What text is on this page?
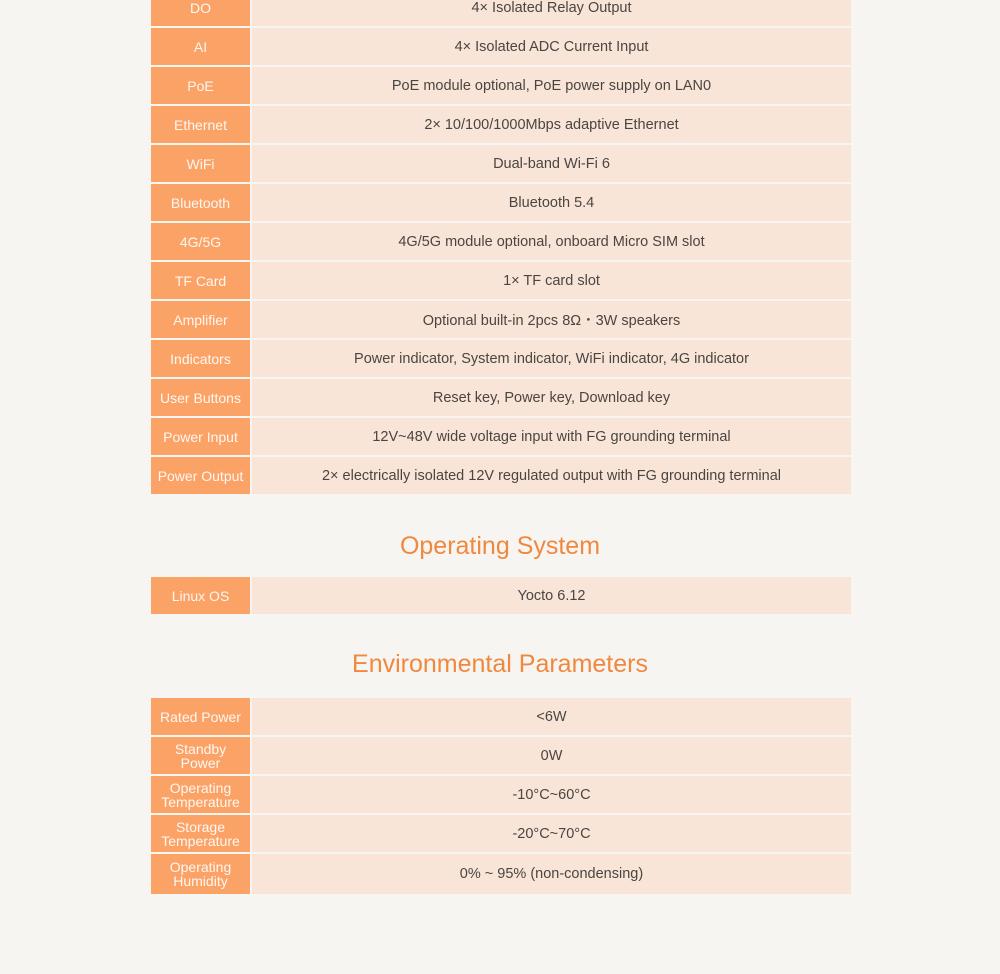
DO	4× Isolated Relay Output
AI	4× Isolated ADC Current Input
PoE	PoE module optional, PoE power supply on LAN0
Ethernet	2× 10/100/1000Mbps adaptive Ethernet
WiFi	Dual-band Wi-Fi 6
Bluetooth	Bluetooth 5.4
4G/5G	4G/5G module optional, onboard Micro SIM slot
TF Card	1× TF card slot
Amplifier	Optional built-in 2pcs 8Ω・3W speakers
Indicators	Power indicator, System indicator, WiFi indicator, 4G indicator
User Buttons	Reset key, Power key, Download key
Power Input	12V~48V wide voltage input with FG grounding terminal
Power Output	2× electrically isolated 12V regulated output with FG grounding terminal
Operating System
Linux OS	Yocto 6.12
Environmental Parameters
Rated Power	<6W
Standby
Power	0W
Operating
Temperature	-10°C~60°C
Storage
Temperature	-20°C~70°C
Operating
Humidity	0% ~ 95% (non-condensing)
